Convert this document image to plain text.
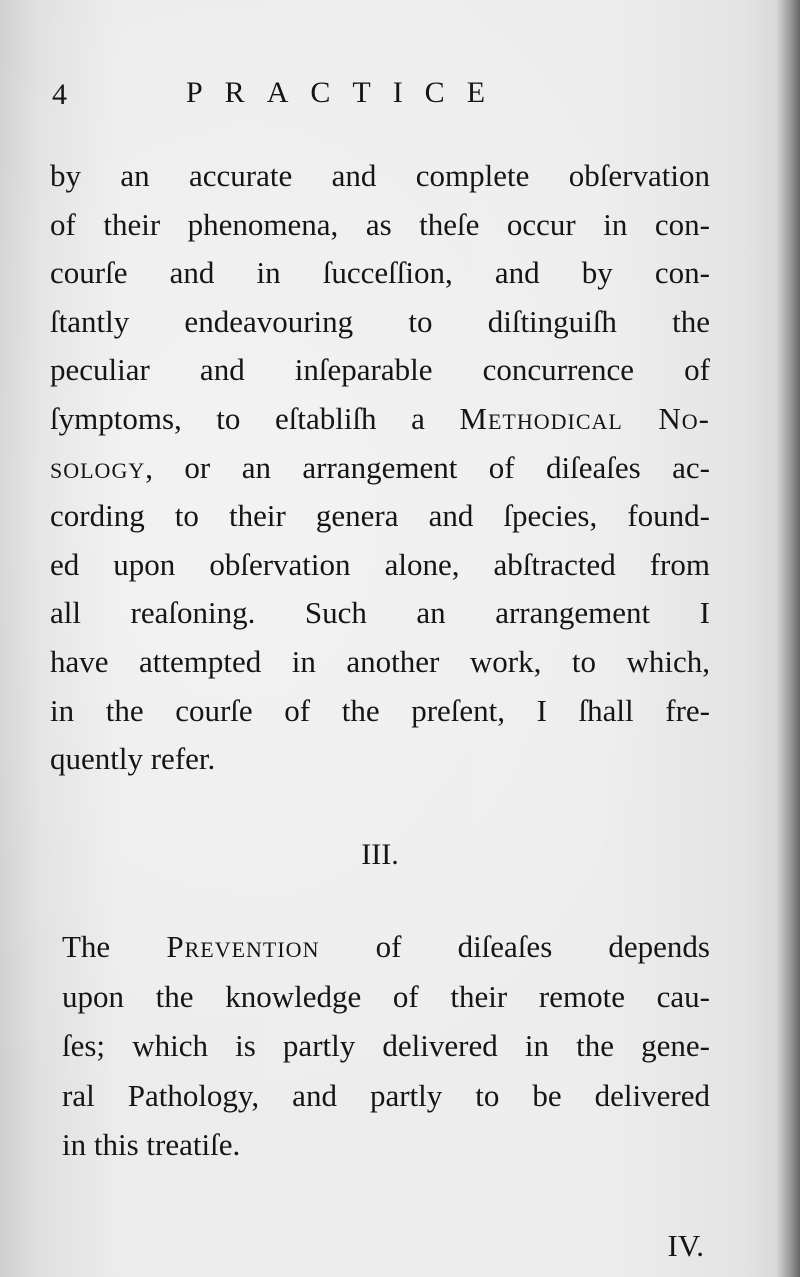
4	PRACTICE
by an accurate and complete obſervation
of their phenomena, as theſe occur in con-
courſe and in ſucceſſion, and by con-
ſtantly endeavouring to diſtinguiſh the
peculiar and inſeparable concurrence of
ſymptoms, to eſtabliſh a Methodical No-
sology, or an arrangement of diſeaſes ac-
cording to their genera and ſpecies, found-
ed upon obſervation alone, abſtracted from
all reaſoning. Such an arrangement I
have attempted in another work, to which,
in the courſe of the preſent, I ſhall fre-
quently refer.
III.
The Prevention of diſeaſes depends
upon the knowledge of their remote cau-
ſes; which is partly delivered in the gene-
ral Pathology, and partly to be delivered
in this treatiſe.
IV.
